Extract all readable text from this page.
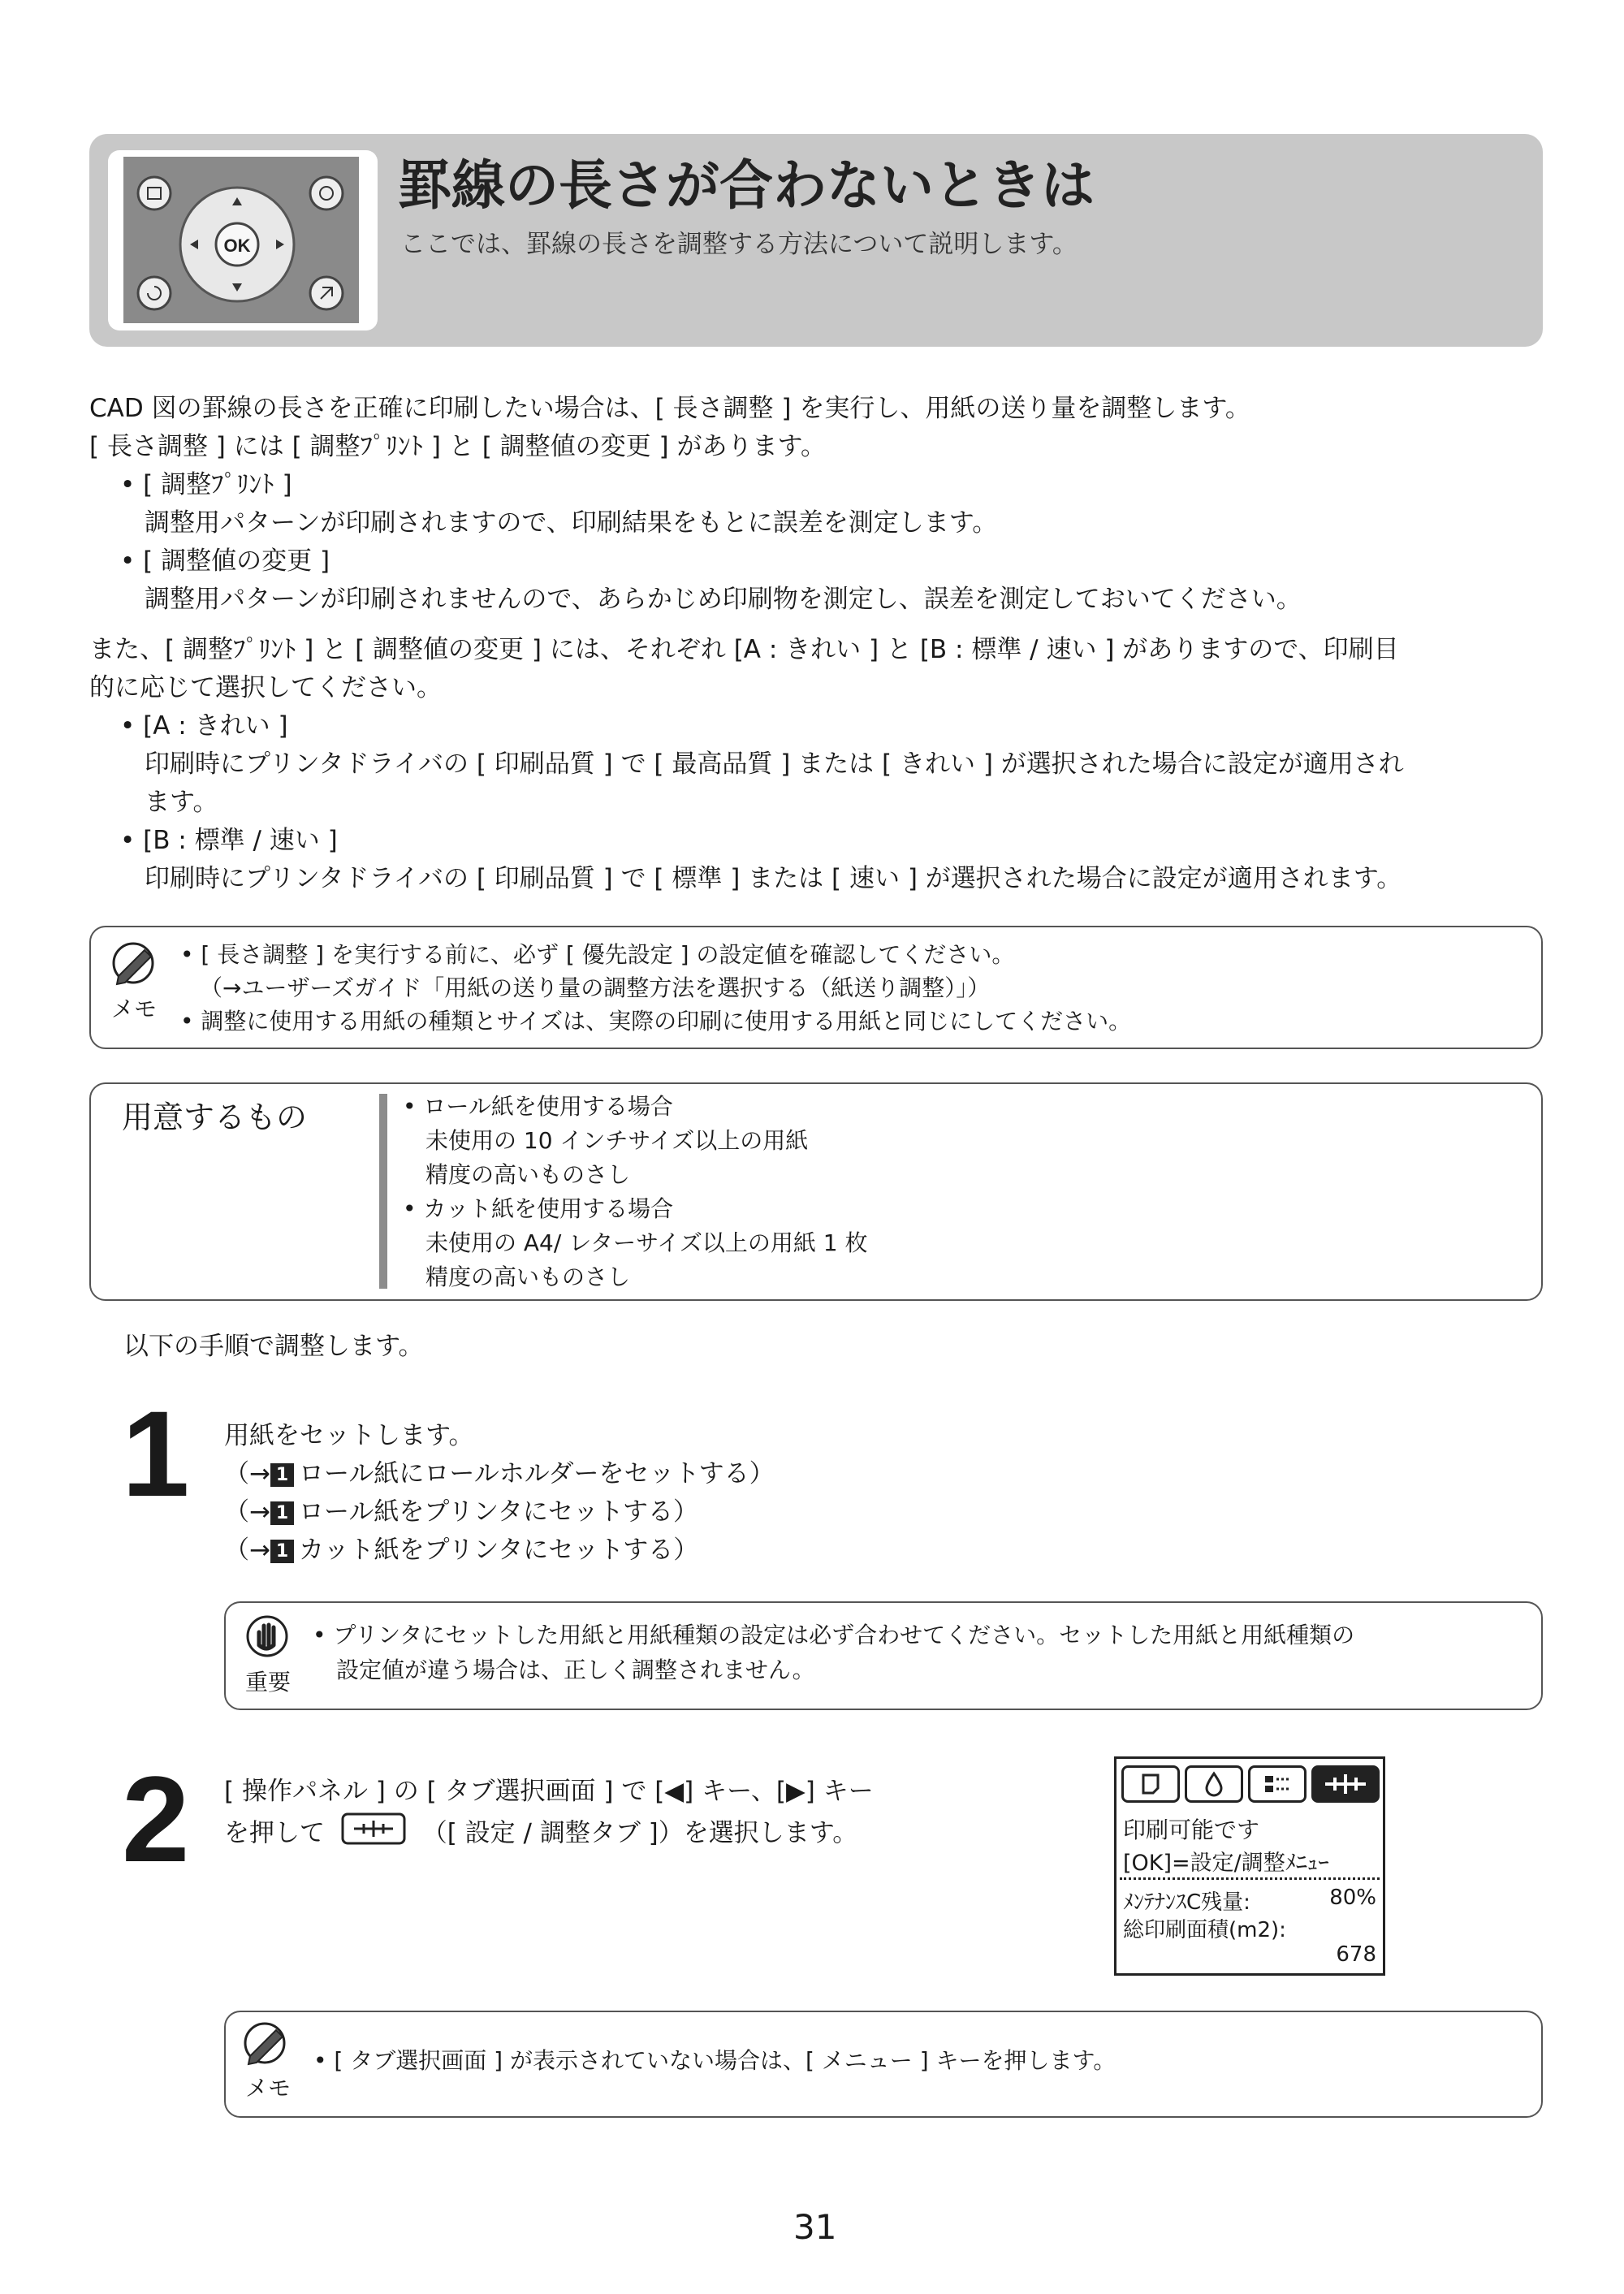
OK
罫線の長さが合わないときは
ここでは、罫線の長さを調整する方法について説明します。
CAD 図の罫線の長さを正確に印刷したい場合は、[ 長さ調整 ] を実行し、用紙の送り量を調整します。
[ 長さ調整 ] には [ 調整ﾌﾟﾘﾝﾄ ] と [ 調整値の変更 ] があります。
• [ 調整ﾌﾟﾘﾝﾄ ]
調整用パターンが印刷されますので、印刷結果をもとに誤差を測定します。
• [ 調整値の変更 ]
調整用パターンが印刷されませんので、あらかじめ印刷物を測定し、誤差を測定しておいてください。
また、[ 調整ﾌﾟﾘﾝﾄ ] と [ 調整値の変更 ] には、それぞれ [A : きれい ] と [B : 標準 / 速い ] がありますので、印刷目
的に応じて選択してください。
• [A : きれい ]
印刷時にプリンタドライバの [ 印刷品質 ] で [ 最高品質 ] または [ きれい ] が選択された場合に設定が適用され
ます。
• [B : 標準 / 速い ]
印刷時にプリンタドライバの [ 印刷品質 ] で [ 標準 ] または [ 速い ] が選択された場合に設定が適用されます。
メモ
• [ 長さ調整 ] を実行する前に、必ず [ 優先設定 ] の設定値を確認してください。
（→ユーザーズガイド「用紙の送り量の調整方法を選択する（紙送り調整）」）
• 調整に使用する用紙の種類とサイズは、実際の印刷に使用する用紙と同じにしてください。
用意するもの	• ロール紙を使用する場合
未使用の 10 インチサイズ以上の用紙
精度の高いものさし
• カット紙を使用する場合
未使用の A4/ レターサイズ以上の用紙 1 枚
精度の高いものさし
以下の手順で調整します。
1 用紙をセットします。
（→ 1 ロール紙にロールホルダーをセットする）
（→ 1 ロール紙をプリンタにセットする）
（→ 1 カット紙をプリンタにセットする）
重要
• プリンタにセットした用紙と用紙種類の設定は必ず合わせてください。セットした用紙と用紙種類の
設定値が違う場合は、正しく調整されません。
2 [ 操作パネル ] の [ タブ選択画面 ] で [◀] キー、[▶] キー
を押して	（[ 設定 / 調整タブ ]）を選択します。	印刷可能です
[OK]=設定/調整ﾒﾆｭｰ
ﾒﾝﾃﾅﾝｽC残量:	80%
総印刷面積(m2):
678
メモ
• [ タブ選択画面 ] が表示されていない場合は、[ メニュー ] キーを押します。
31
